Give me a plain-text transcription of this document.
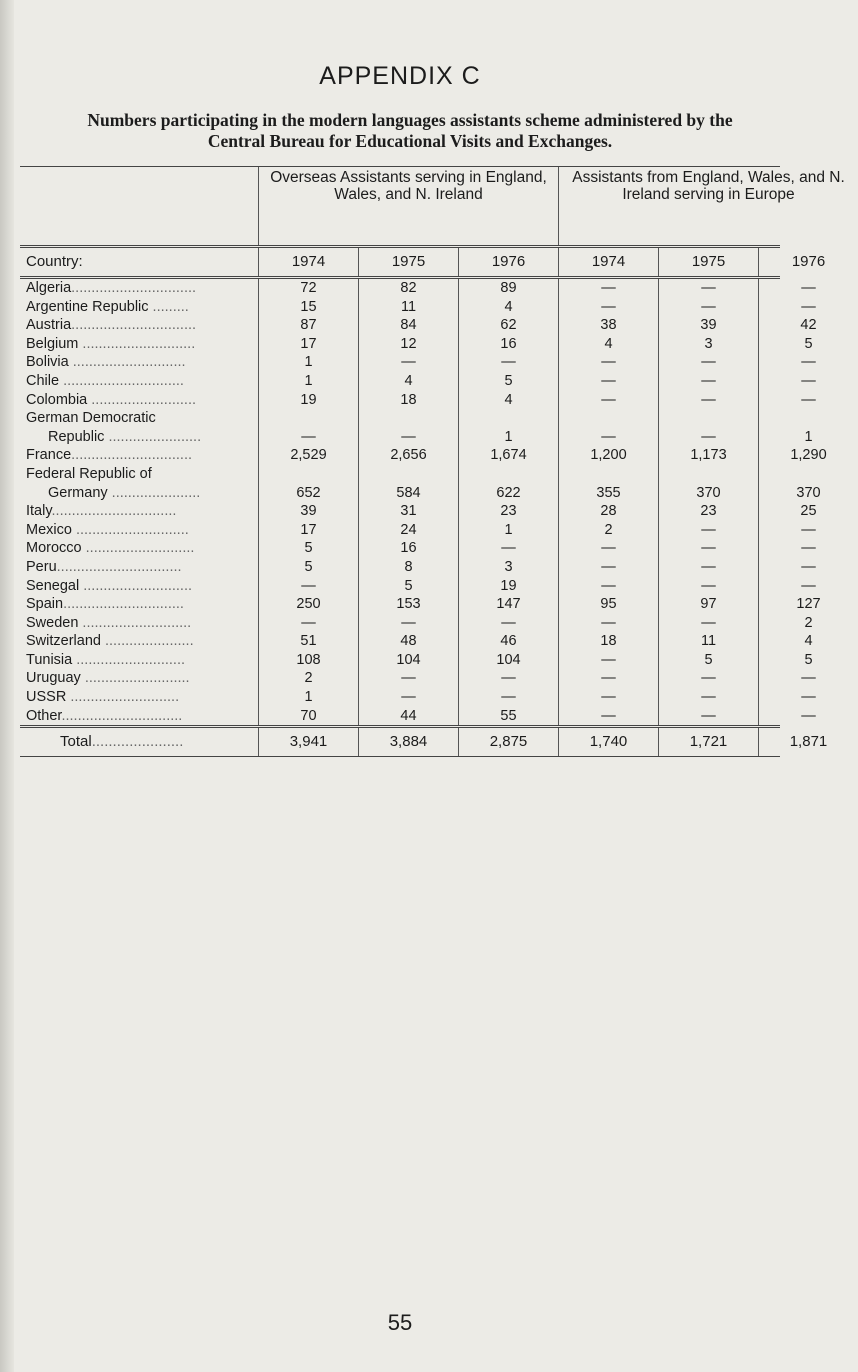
APPENDIX C
Numbers participating in the modern languages assistants scheme administered by the
Central Bureau for Educational Visits and Exchanges.
Overseas Assistants serving in England, Wales, and N. Ireland
Assistants from England, Wales, and N. Ireland serving in Europe
Country:	1974	1975	1976	1974	1975	1976
Algeria...............................	72	82	89	—	—	—
Argentine Republic .........	15	11	4	—	—	—
Austria...............................	87	84	62	38	39	42
Belgium ............................	17	12	16	4	3	5
Bolivia ............................	1	—	—	—	—	—
Chile ..............................	1	4	5	—	—	—
Colombia ..........................	19	18	4	—	—	—
German Democratic
Republic .......................	—	—	1	—	—	1
France..............................	2,529	2,656	1,674	1,200	1,173	1,290
Federal Republic of
Germany ......................	652	584	622	355	370	370
Italy...............................	39	31	23	28	23	25
Mexico ............................	17	24	1	2	—	—
Morocco ...........................	5	16	—	—	—	—
Peru...............................	5	8	3	—	—	—
Senegal ...........................	—	5	19	—	—	—
Spain..............................	250	153	147	95	97	127
Sweden ...........................	—	—	—	—	—	2
Switzerland ......................	51	48	46	18	11	4
Tunisia ...........................	108	104	104	—	5	5
Uruguay ..........................	2	—	—	—	—	—
USSR ...........................	1	—	—	—	—	—
Other..............................	70	44	55	—	—	—
Total......................	3,941	3,884	2,875	1,740	1,721	1,871
55
